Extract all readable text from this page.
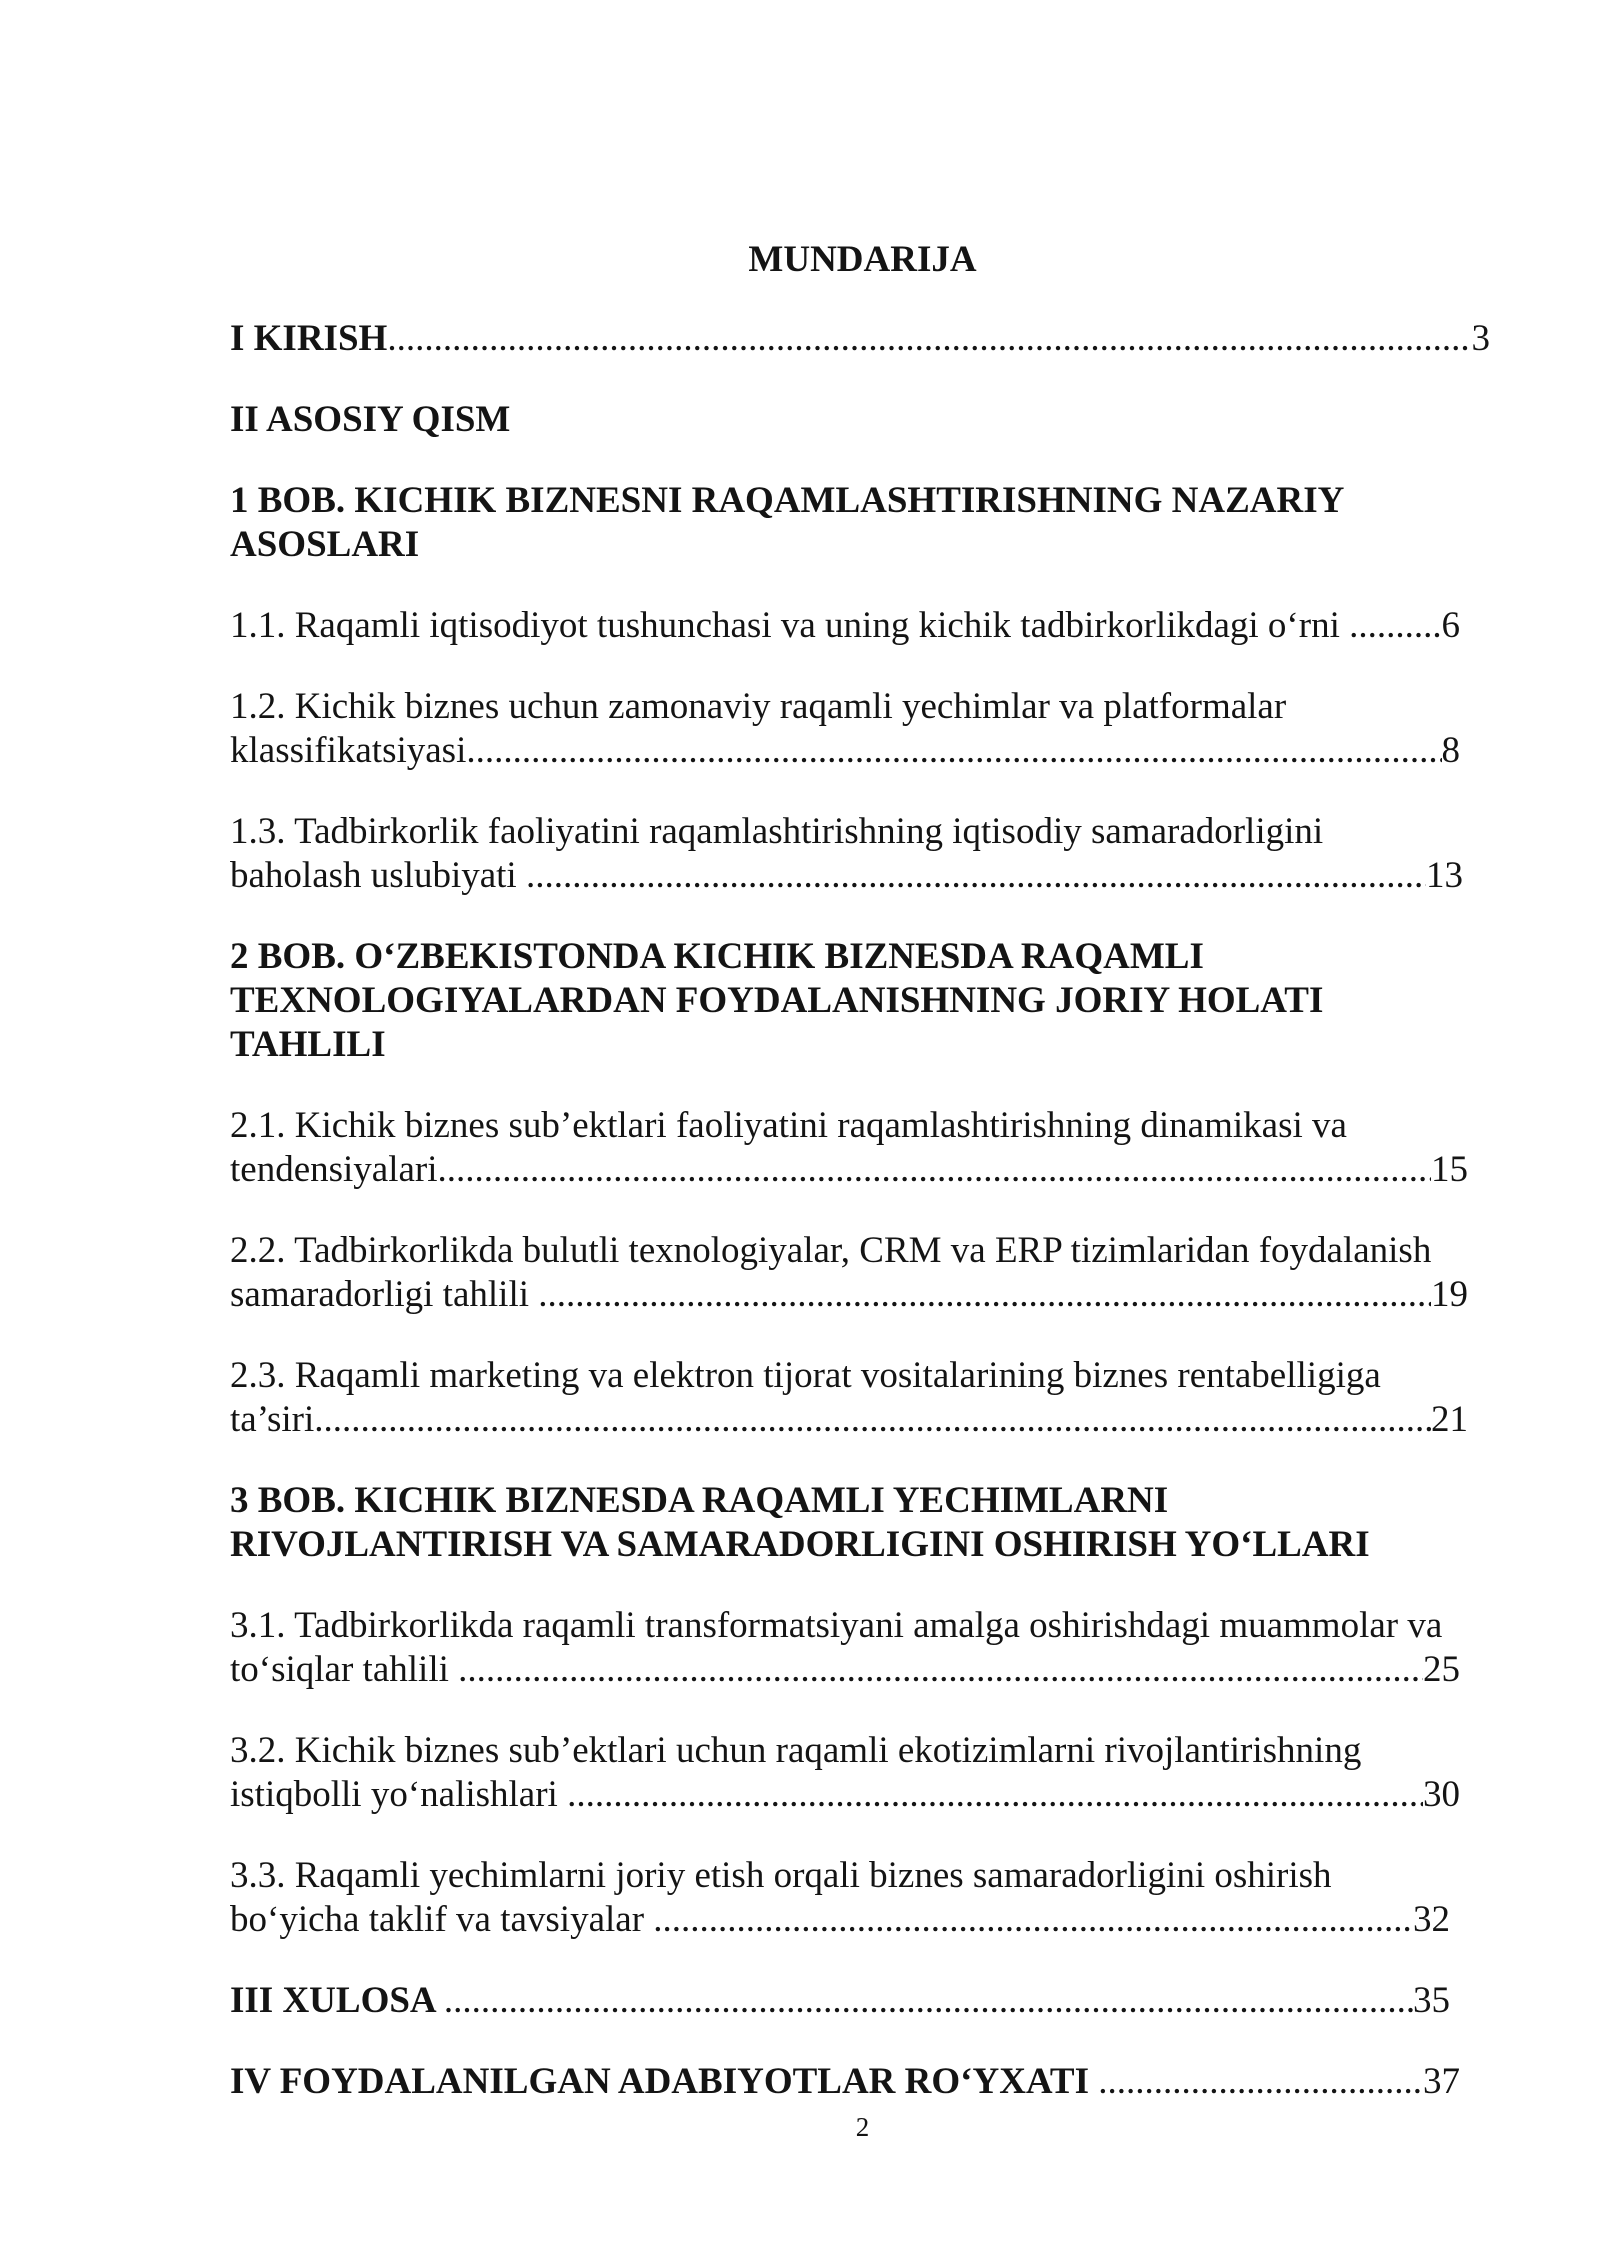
MUNDARIJA
I KIRISH .....	3
II ASOSIY QISM
1 BOB. KICHIK BIZNESNI RAQAMLASHTIRISHNING NAZARIY
ASOSLARI
1.1. Raqamli iqtisodiyot tushunchasi va uning kichik tadbirkorlikdagi o‘rni ..... 6
1.2. Kichik biznes uchun zamonaviy raqamli yechimlar va platformalar
klassifikatsiyasi .....	8
1.3. Tadbirkorlik faoliyatini raqamlashtirishning iqtisodiy samaradorligini
baholash uslubiyati .....	13
2 BOB. O‘ZBEKISTONDA KICHIK BIZNESDA RAQAMLI
TEXNOLOGIYALARDAN FOYDALANISHNING JORIY HOLATI
TAHLILI
2.1. Kichik biznes sub’ektlari faoliyatini raqamlashtirishning dinamikasi va
tendensiyalari .....	15
2.2. Tadbirkorlikda bulutli texnologiyalar, CRM va ERP tizimlaridan foydalanish
samaradorligi tahlili .....	19
2.3. Raqamli marketing va elektron tijorat vositalarining biznes rentabelligiga
ta’siri .....	21
3 BOB. KICHIK BIZNESDA RAQAMLI YECHIMLARNI
RIVOJLANTIRISH VA SAMARADORLIGINI OSHIRISH YO‘LLARI
3.1. Tadbirkorlikda raqamli transformatsiyani amalga oshirishdagi muammolar va
to‘siqlar tahlili .....	25
3.2. Kichik biznes sub’ektlari uchun raqamli ekotizimlarni rivojlantirishning
istiqbolli yo‘nalishlari .....	30
3.3. Raqamli yechimlarni joriy etish orqali biznes samaradorligini oshirish
bo‘yicha taklif va tavsiyalar .....	32
III XULOSA .....	35
IV FOYDALANILGAN ADABIYOTLAR RO‘YXATI .....	37
2
